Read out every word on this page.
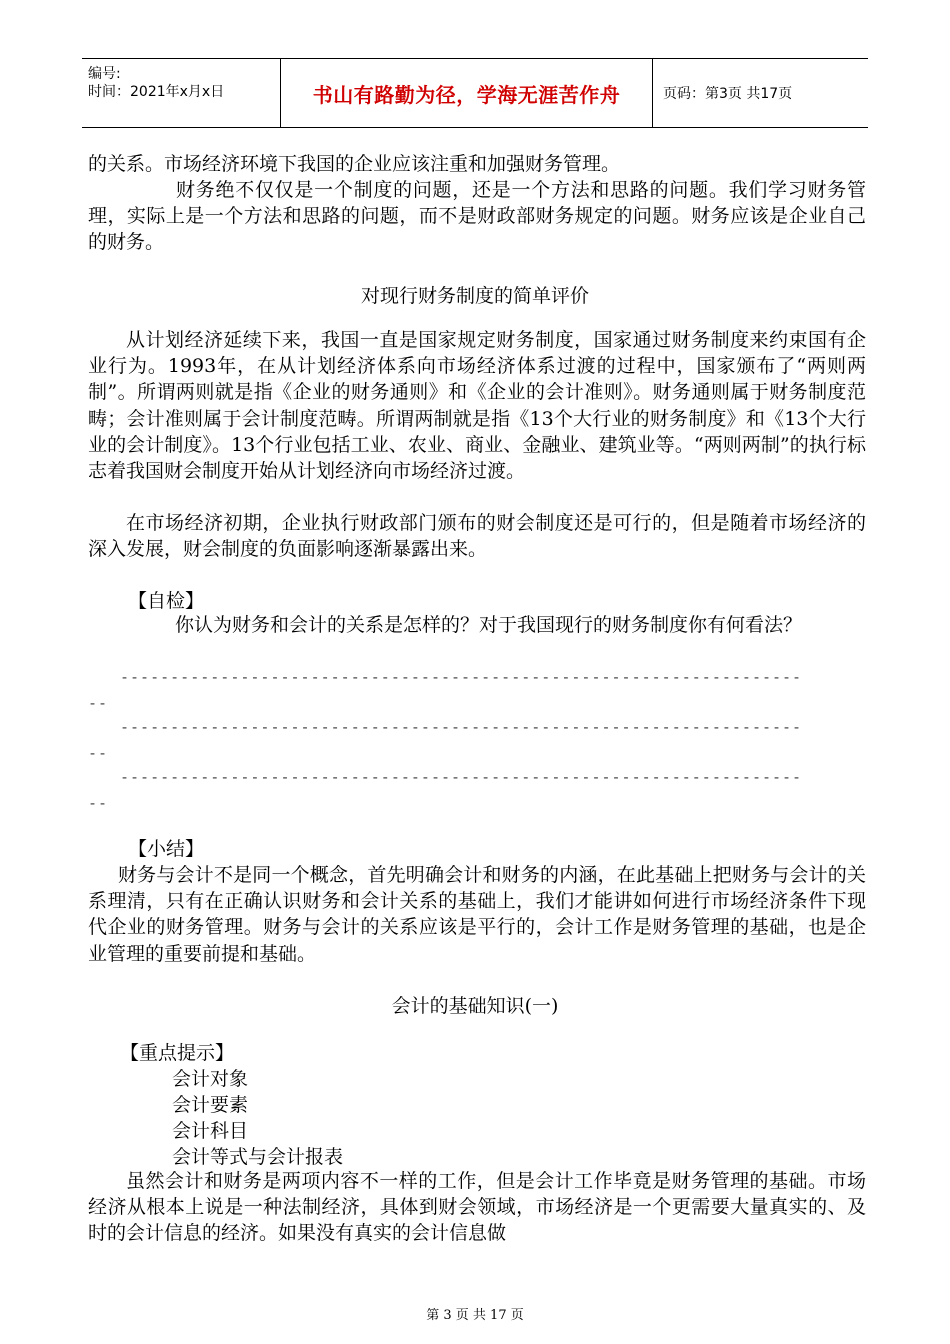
编号:
时间：2021年x月x日	书山有路勤为径，学海无涯苦作舟	页码：第3页 共17页
的关系。市场经济环境下我国的企业应该注重和加强财务管理。
财务绝不仅仅是一个制度的问题，还是一个方法和思路的问题。我们学习财务管理，实际上是一个方法和思路的问题，而不是财政部财务规定的问题。财务应该是企业自己的财务。
对现行财务制度的简单评价
从计划经济延续下来，我国一直是国家规定财务制度，国家通过财务制度来约束国有企业行为。1993年，在从计划经济体系向市场经济体系过渡的过程中，国家颁布了“两则两制”。所谓两则就是指《企业的财务通则》和《企业的会计准则》。财务通则属于财务制度范畴；会计准则属于会计制度范畴。所谓两制就是指《13个大行业的财务制度》和《13个大行业的会计制度》。13个行业包括工业、农业、商业、金融业、建筑业等。“两则两制”的执行标志着我国财会制度开始从计划经济向市场经济过渡。
在市场经济初期，企业执行财政部门颁布的财会制度还是可行的，但是随着市场经济的深入发展，财会制度的负面影响逐渐暴露出来。
【自检】
你认为财务和会计的关系是怎样的？对于我国现行的财务制度你有何看法？
--------------------------------------------------------------------
--
--------------------------------------------------------------------
--
--------------------------------------------------------------------
--
【小结】
财务与会计不是同一个概念，首先明确会计和财务的内涵，在此基础上把财务与会计的关系理清，只有在正确认识财务和会计关系的基础上，我们才能讲如何进行市场经济条件下现代企业的财务管理。财务与会计的关系应该是平行的，会计工作是财务管理的基础，也是企业管理的重要前提和基础。
会计的基础知识(一)
【重点提示】
会计对象
会计要素
会计科目
会计等式与会计报表
虽然会计和财务是两项内容不一样的工作，但是会计工作毕竟是财务管理的基础。市场经济从根本上说是一种法制经济，具体到财会领域，市场经济是一个更需要大量真实的、及时的会计信息的经济。如果没有真实的会计信息做
第 3 页 共 17 页
